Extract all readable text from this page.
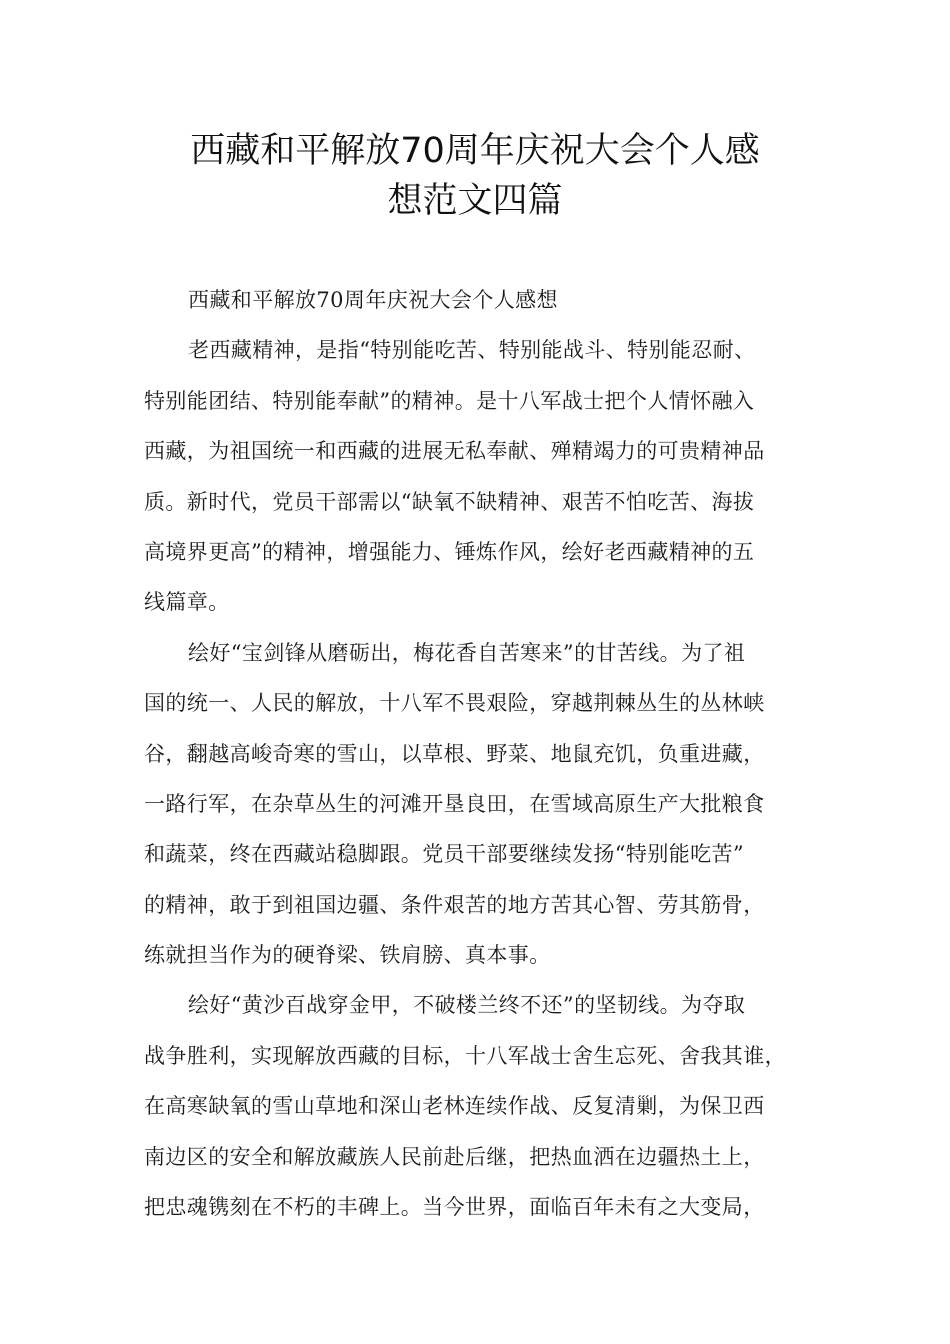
西藏和平解放70周年庆祝大会个人感
想范文四篇
西藏和平解放70周年庆祝大会个人感想
老西藏精神，是指“特别能吃苦、特别能战斗、特别能忍耐、
特别能团结、特别能奉献”的精神。是十八军战士把个人情怀融入
西藏，为祖国统一和西藏的进展无私奉献、殚精竭力的可贵精神品
质。新时代，党员干部需以“缺氧不缺精神、艰苦不怕吃苦、海拔
高境界更高”的精神，增强能力、锤炼作风，绘好老西藏精神的五
线篇章。
绘好“宝剑锋从磨砺出，梅花香自苦寒来”的甘苦线。为了祖
国的统一、人民的解放，十八军不畏艰险，穿越荆棘丛生的丛林峡
谷，翻越高峻奇寒的雪山，以草根、野菜、地鼠充饥，负重进藏，
一路行军，在杂草丛生的河滩开垦良田，在雪域高原生产大批粮食
和蔬菜，终在西藏站稳脚跟。党员干部要继续发扬“特别能吃苦”
的精神，敢于到祖国边疆、条件艰苦的地方苦其心智、劳其筋骨，
练就担当作为的硬脊梁、铁肩膀、真本事。
绘好“黄沙百战穿金甲，不破楼兰终不还”的坚韧线。为夺取
战争胜利，实现解放西藏的目标，十八军战士舍生忘死、舍我其谁，
在高寒缺氧的雪山草地和深山老林连续作战、反复清剿，为保卫西
南边区的安全和解放藏族人民前赴后继，把热血洒在边疆热土上，
把忠魂镌刻在不朽的丰碑上。当今世界，面临百年未有之大变局，
